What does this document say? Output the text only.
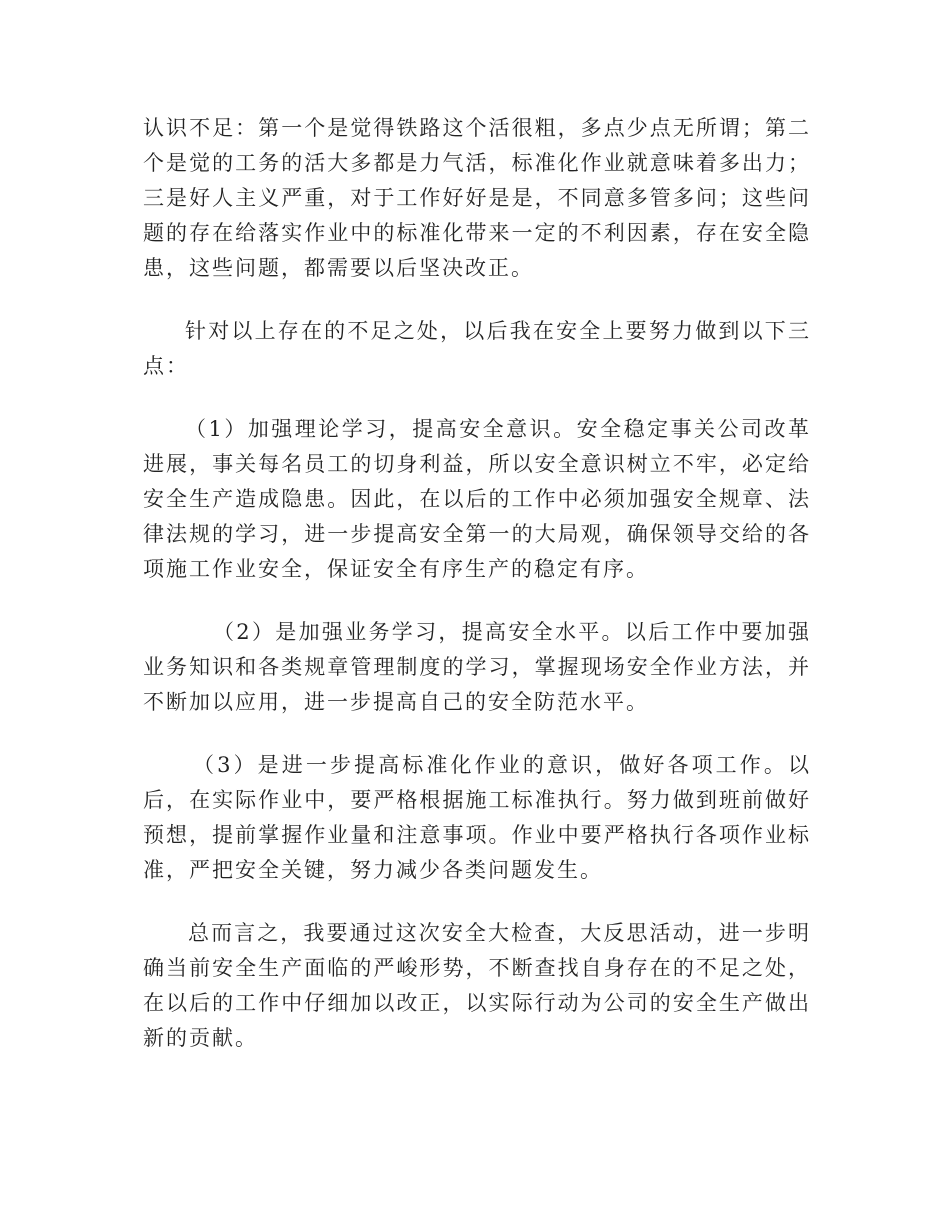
认识不足：第一个是觉得铁路这个活很粗，多点少点无所谓；第二个是觉的工务的活大多都是力气活，标准化作业就意味着多出力；三是好人主义严重，对于工作好好是是，不同意多管多问；这些问题的存在给落实作业中的标准化带来一定的不利因素，存在安全隐患，这些问题，都需要以后坚决改正。

针对以上存在的不足之处，以后我在安全上要努力做到以下三点：

（1）加强理论学习，提高安全意识。安全稳定事关公司改革进展，事关每名员工的切身利益，所以安全意识树立不牢，必定给安全生产造成隐患。因此，在以后的工作中必须加强安全规章、法律法规的学习，进一步提高安全第一的大局观，确保领导交给的各项施工作业安全，保证安全有序生产的稳定有序。

（2）是加强业务学习，提高安全水平。以后工作中要加强业务知识和各类规章管理制度的学习，掌握现场安全作业方法，并不断加以应用，进一步提高自己的安全防范水平。

（3）是进一步提高标准化作业的意识，做好各项工作。以后，在实际作业中，要严格根据施工标准执行。努力做到班前做好预想，提前掌握作业量和注意事项。作业中要严格执行各项作业标准，严把安全关键，努力减少各类问题发生。

总而言之，我要通过这次安全大检查，大反思活动，进一步明确当前安全生产面临的严峻形势，不断查找自身存在的不足之处，在以后的工作中仔细加以改正，以实际行动为公司的安全生产做出新的贡献。
